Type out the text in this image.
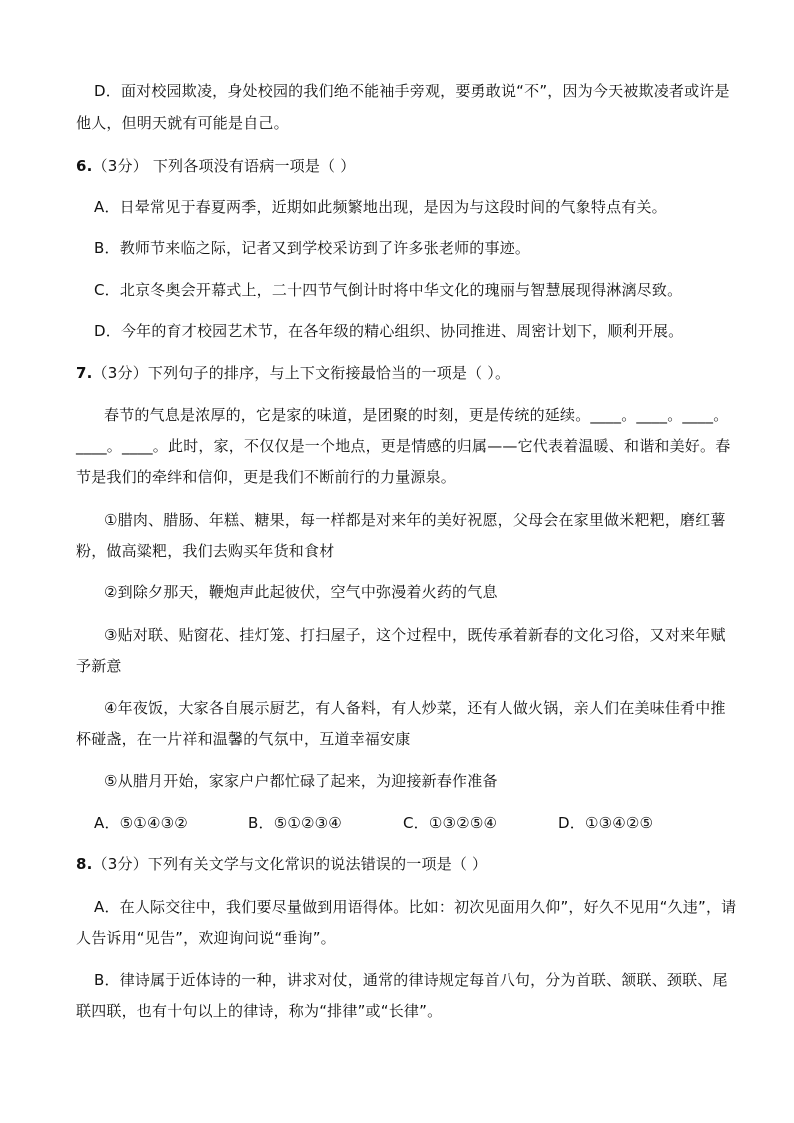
D．面对校园欺凌，身处校园的我们绝不能袖手旁观，要勇敢说“不”，因为今天被欺凌者或许是
他人，但明天就有可能是自己。
6.（3分） 下列各项没有语病一项是（ ）
A．日晕常见于春夏两季，近期如此频繁地出现，是因为与这段时间的气象特点有关。
B．教师节来临之际，记者又到学校采访到了许多张老师的事迹。
C．北京冬奥会开幕式上，二十四节气倒计时将中华文化的瑰丽与智慧展现得淋漓尽致。
D．今年的育才校园艺术节，在各年级的精心组织、协同推进、周密计划下，顺利开展。
7.（3分）下列句子的排序，与上下文衔接最恰当的一项是（ ）。
春节的气息是浓厚的，它是家的味道，是团聚的时刻，更是传统的延续。____。____。____。
____。____。此时，家，不仅仅是一个地点，更是情感的归属——它代表着温暖、和谐和美好。春
节是我们的牵绊和信仰，更是我们不断前行的力量源泉。
①腊肉、腊肠、年糕、糖果，每一样都是对来年的美好祝愿，父母会在家里做米粑粑，磨红薯
粉，做高粱粑，我们去购买年货和食材
②到除夕那天，鞭炮声此起彼伏，空气中弥漫着火药的气息
③贴对联、贴窗花、挂灯笼、打扫屋子，这个过程中，既传承着新春的文化习俗，又对来年赋
予新意
④年夜饭，大家各自展示厨艺，有人备料，有人炒菜，还有人做火锅，亲人们在美味佳肴中推
杯碰盏，在一片祥和温馨的气氛中，互道幸福安康
⑤从腊月开始，家家户户都忙碌了起来，为迎接新春作准备
A．⑤①④③②	B．⑤①②③④	C．①③②⑤④	D．①③④②⑤
8.（3分）下列有关文学与文化常识的说法错误的一项是（ ）
A．在人际交往中，我们要尽量做到用语得体。比如：初次见面用久仰”，好久不见用“久违”，请
人告诉用“见告”，欢迎询问说“垂询”。
B．律诗属于近体诗的一种，讲求对仗，通常的律诗规定每首八句，分为首联、颔联、颈联、尾
联四联，也有十句以上的律诗，称为“排律”或“长律”。
